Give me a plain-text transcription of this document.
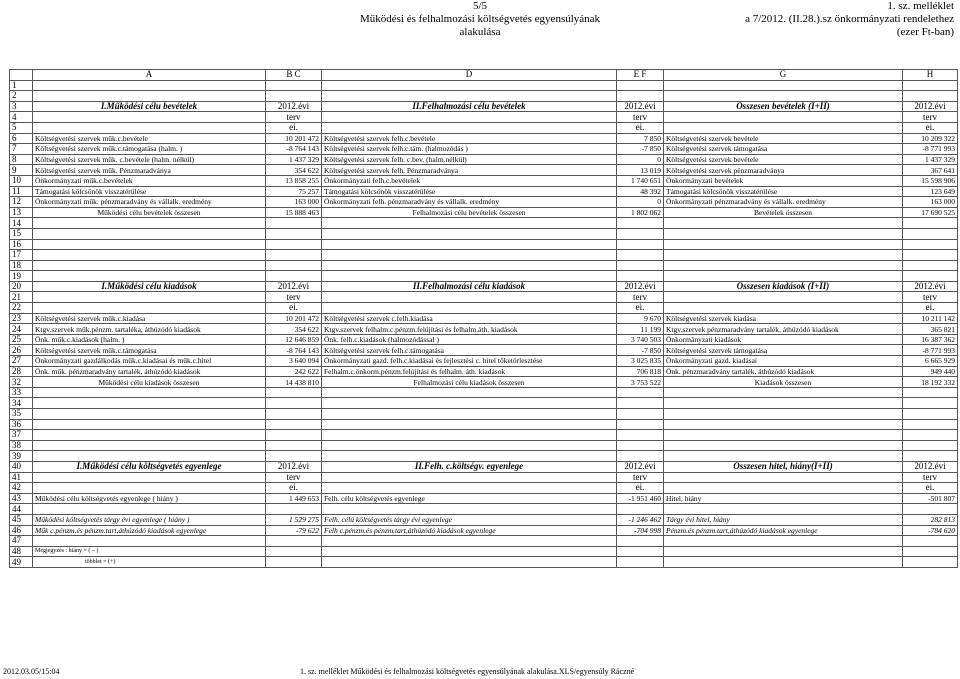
5/5
Működési és felhalmozási költségvetés egyensúlyának
alakulása
1. sz. melléklet
a 7/2012. (II.28.).sz önkormányzati rendelethez
(ezer Ft-ban)
	A	B C	D	E F	G	H
1						
2						
3	I.Működési célu bevételek	2012.évi	II.Felhalmozási célu bevételek	2012.évi	Összesen bevételek (I+II)	2012.évi
4		terv		terv		terv
5		ei.		ei.		ei.
6	Költségvetési szervek műk.c.bevétele	10 201 472	Költségvetési szervek felh.c.bevétele	7 850	Költségvetési szervek bevétele	10 209 322
7	Költségvetési szervek műk.c.támogatása (halm. )	-8 764 143	Költségvetési szervek felh.c.tám. (halmozódás )	-7 850	Költségvetési szervek támogatása	-8 771 993
8	Költségvetési szervek műk. c.bevétele (halm. nélkül)	1 437 329	Költségvetési szervek felh. c.bev. (halm.nélkül)	0	Költségvetési szervek bevétele	1 437 329
9	Költségvetési szervek műk. Pénzmaradványa	354 622	Költségvetési szervek felh. Pénzmaradványa	13 019	Költségvetési szervek pénzmaradványa	367 641
10	Önkormányzati műk.c.bevételek	13 858 255	Önkormányzati felh.c.bevételek	1 740 651	Önkormányzati bevételek	15 598 906
11	Támogatási kölcsönök visszatérülése	75 257	Támogatási kölcsönök visszatérülése	48 392	Támogatási kölcsönök visszatérülése	123 649
12	Önkormányzati műk. pénzmaradvány és vállalk. eredmény	163 000	Önkormányzati felh. pénzmaradvány és vállalk. eredmény	0	Önkormányzati pénzmaradvány és vállalk. eredmény	163 000
13	Működési célu bevételek összesen	15 888 463	Felhalmozási célu bevételek összesen	1 802 062	Bevételek összesen	17 690 525
14						
15						
16						
17						
18						
19						
20	I.Működési célu kiadások	2012.évi	II.Felhalmozási célu kiadások	2012.évi	Összesen kiadások (I+II)	2012.évi
21		terv		terv		terv
22		ei.		ei.		ei.
23	Költségvetési szervek műk.c.kiadása	10 201 472	Költségvetési szervek c.felh.kiadása	9 670	Költségvetési szervek kiadása	10 211 142
24	Ktgv.szervek műk.pénzm. tartaléka, áthúzódó kiadások	354 622	Ktgv.szervek felhalm.c.pénzm.felújítási és felhalm.áth. kiadások	11 199	Ktgv.szervek pénzmaradvány tartalék, áthúzódó kiadások	365 821
25	Önk. műk.c.kiadások (halm. )	12 646 859	Önk. felh.c.kiadások (halmozódással )	3 740 503	Önkormányzati kiadások	16 387 362
26	Költségvetési szervek műk.c.támogatása	-8 764 143	Költségvetési szervek felh.c.támogatása	-7 850	Költségvetési szervek támogatása	-8 771 993
27	Önkormányzati gazdálkodás műk.c.kiadásai és műk.c.hitel	3 640 094	Önkormányzati gazd. felh.c.kiadásai és fejlesztési c. hitel tőketörlesztése	3 025 835	Önkormányzati gazd. kiadásai	6 665 929
28	Önk. műk. pénzmaradvány tartalék, áthúzódó kiadások	242 622	Felhalm.c.önkorm.pénzm.felújítási és felhalm. áth. kiadások	706 818	Önk. pénzmaradvány tartalék, áthúzódó kiadások	949 440
32	Működési célu kiadások összesen	14 438 810	Felhalmozási célu kiadások összesen	3 753 522	Kiadások összesen	18 192 332
33						
34						
35						
36						
37						
38						
39						
40	I.Működési célu költségvetés egyenlege	2012.évi	II.Felh. c.költségv. egyenlege	2012.évi	Összesen hitel, hiány(I+II)	2012.évi
41		terv		terv		terv
42		ei.		ei.		ei.
43	Működési célu költségvetés egyenlege ( hiány )	1 449 653	Felh. célu költségvetés egyenlege	-1 951 460	Hitel, hiány	-501 807
44						
45	Működési költségvetés tárgy évi egyenlege ( hiány )	1 529 275	Felh. célú költségvetés tárgy évi egyenlege	-1 246 462	Tárgy évi hitel, hiány	282 813
46	Műk c.pénzm.és pénzm.tart,áthúzódó kiadások egyenlege	-79 622	Felh c.pénzm.és pénzm.tart,áthúzódó kiadások egyenlege	-704 998	Pénzm.és pénzm.tart,áthúzódó kiadások egyenlege	-784 620
47						
48	Megjegyzés : hiány = ( – )					
49	többlet = (+)					
2012.03.05/15:04	1. sz. melléklet Működési és felhalmozási költségvetés egyensúlyának alakulása.XLS/egyensúly Ráczné
